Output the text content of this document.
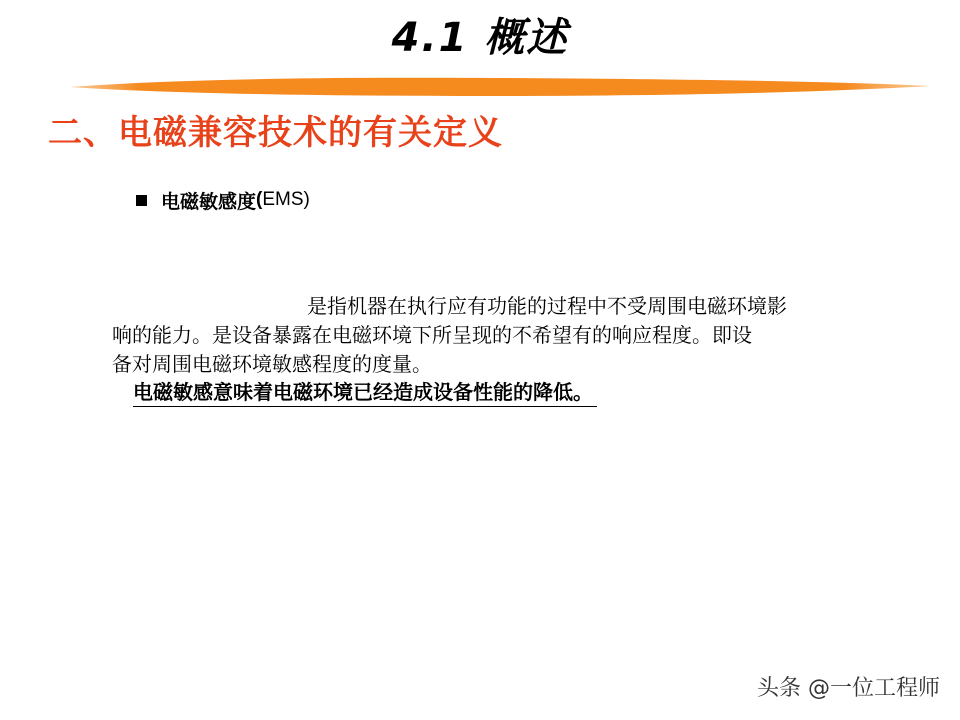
4.1 概述
二、电磁兼容技术的有关定义
电磁敏感度 (EMS)
是指机器在执行应有功能的过程中不受周围电磁环境影
响的能力。是设备暴露在电磁环境下所呈现的不希望有的响应程度。即设
备对周围电磁环境敏感程度的度量。
电磁敏感意味着电磁环境已经造成设备性能的降低。
头条 @一位工程师
